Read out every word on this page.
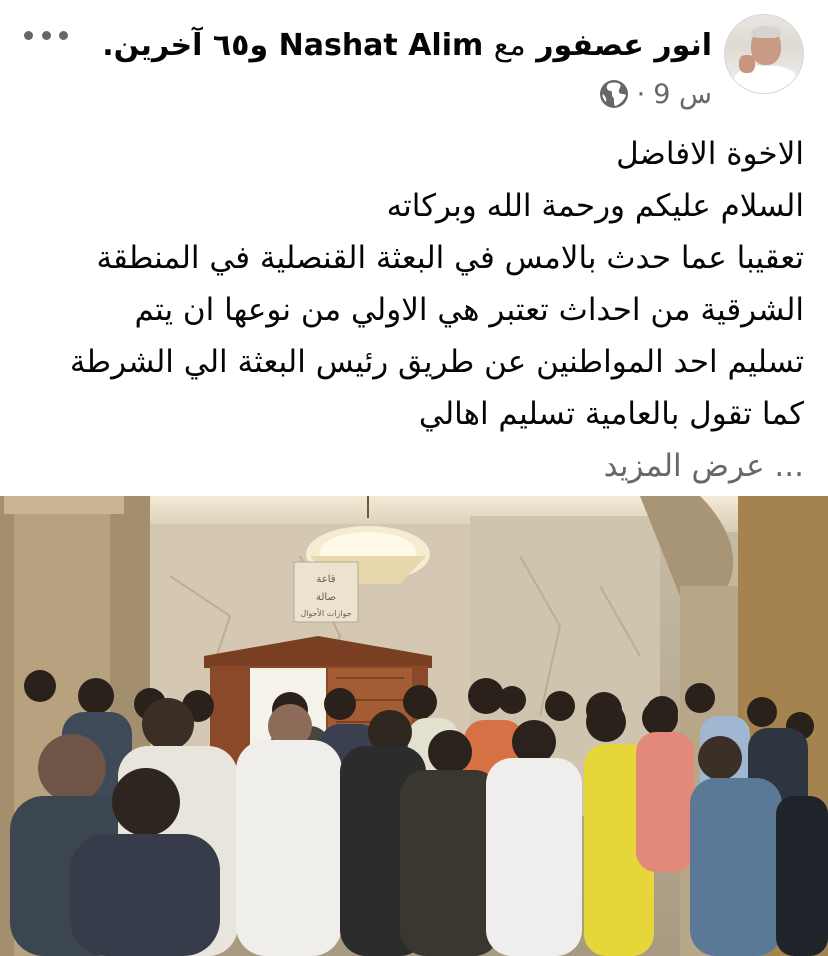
انور عصفور مع Nashat Alim و٦٥ آخرين.
9 س
·

الاخوة الافاضل

السلام عليكم ورحمة الله وبركاته

تعقيبا عما حدث بالامس في البعثة القنصلية في المنطقة

الشرقية من احداث تعتبر هي الاولي من نوعها ان يتم

تسليم احد المواطنين عن طريق رئيس البعثة الي الشرطة

كما تقول بالعامية تسليم اهالي

... عرض المزيد

قاعة
صالة
جوازات الأحوال
